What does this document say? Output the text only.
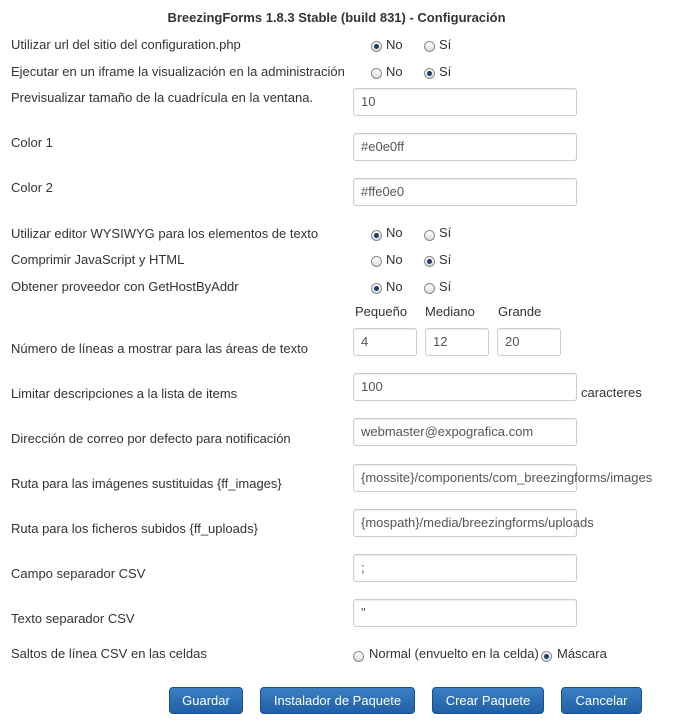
BreezingForms 1.8.3 Stable (build 831) - Configuración
Utilizar url del sitio del configuration.php	No	Sí
Ejecutar en un iframe la visualización en la administración	No	Sí
Previsualizar tamaño de la cuadrícula en la ventana.	10
Color 1	#e0e0ff
Color 2	#ffe0e0
Utilizar editor WYSIWYG para los elementos de texto	No	Sí
Comprimir JavaScript y HTML	No	Sí
Obtener proveedor con GetHostByAddr	No	Sí
Pequeño Mediano Grande
Número de líneas a mostrar para las áreas de texto	4	12	20
Limitar descripciones a la lista de items	100	caracteres
Dirección de correo por defecto para notificación	webmaster@expografica.com
Ruta para las imágenes sustituidas {ff_images}	{mossite}/components/com_breezingforms/images
Ruta para los ficheros subidos {ff_uploads}	{mospath}/media/breezingforms/uploads
Campo separador CSV	;
Texto separador CSV	"
Saltos de línea CSV en las celdas	Normal (envuelto en la celda) Máscara
Guardar	Instalador de Paquete	Crear Paquete	Cancelar
